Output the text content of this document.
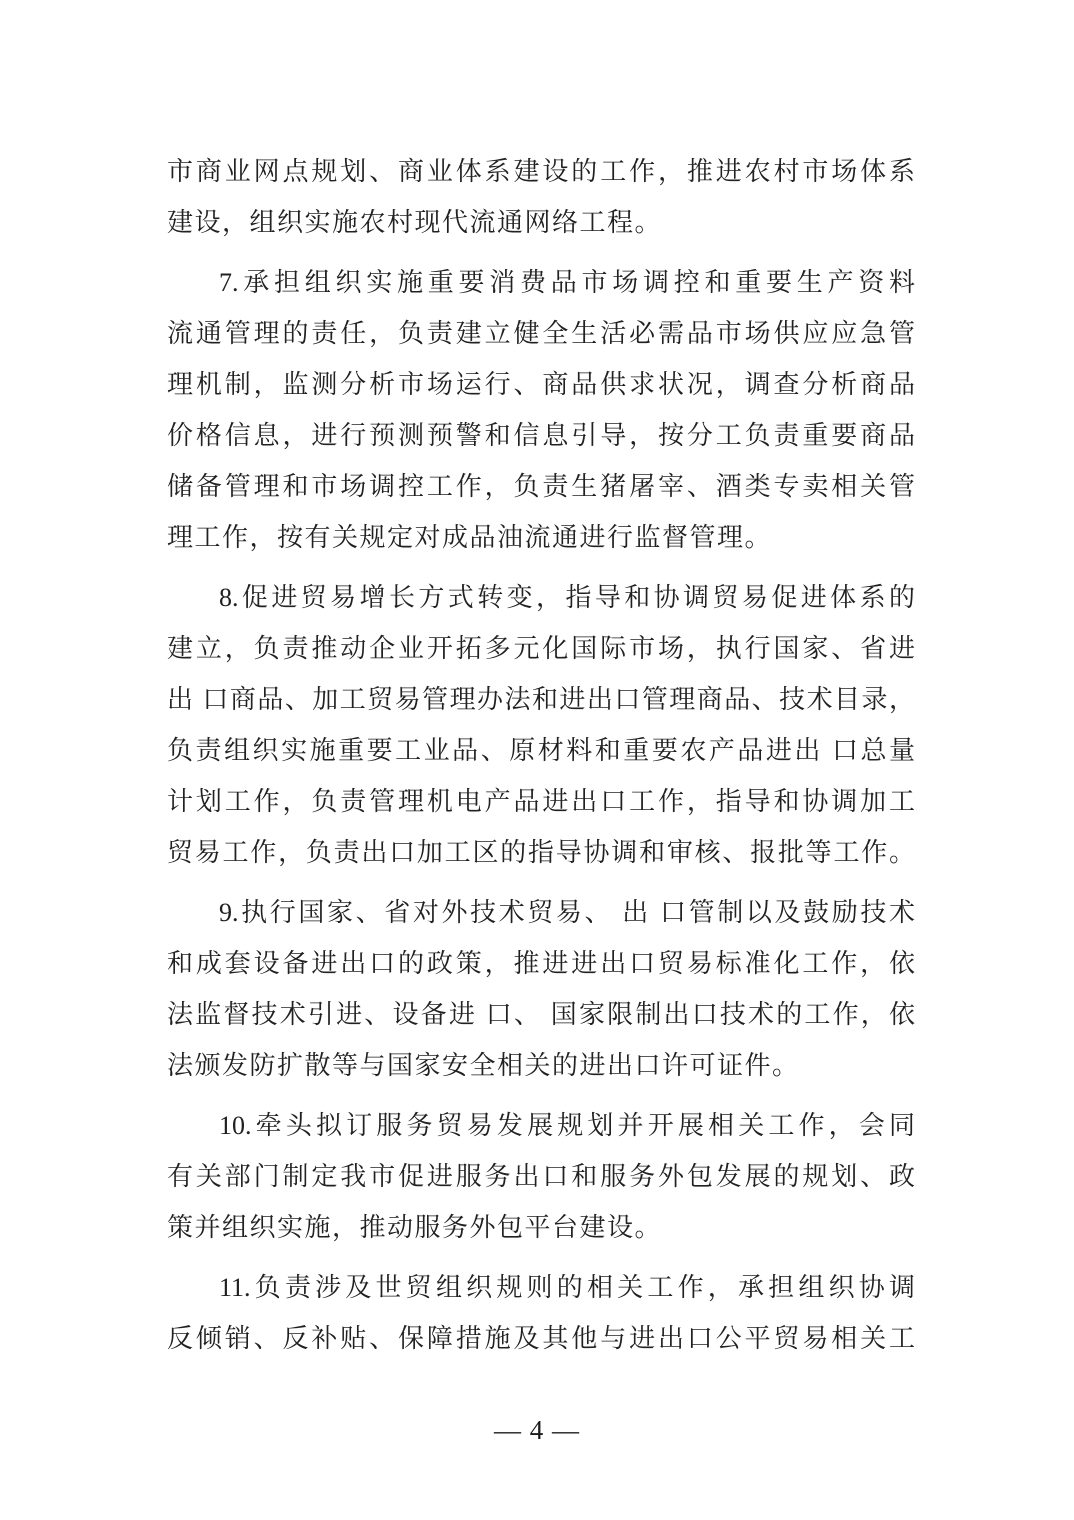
市商业网点规划、商业体系建设的工作，推进农村市场体系
建设，组织实施农村现代流通网络工程。
7.承担组织实施重要消费品市场调控和重要生产资料
流通管理的责任，负责建立健全生活必需品市场供应应急管
理机制，监测分析市场运行、商品供求状况，调查分析商品
价格信息，进行预测预警和信息引导，按分工负责重要商品
储备管理和市场调控工作，负责生猪屠宰、酒类专卖相关管
理工作，按有关规定对成品油流通进行监督管理。
8.促进贸易增长方式转变，指导和协调贸易促进体系的
建立，负责推动企业开拓多元化国际市场，执行国家、省进
出 口商品、加工贸易管理办法和进出口管理商品、技术目录，
负责组织实施重要工业品、原材料和重要农产品进出 口总量
计划工作，负责管理机电产品进出口工作，指导和协调加工
贸易工作，负责出口加工区的指导协调和审核、报批等工作。
9.执行国家、省对外技术贸易、 出 口管制以及鼓励技术
和成套设备进出口的政策，推进进出口贸易标准化工作，依
法监督技术引进、设备进 口、 国家限制出口技术的工作，依
法颁发防扩散等与国家安全相关的进出口许可证件。
10.牵头拟订服务贸易发展规划并开展相关工作，会同
有关部门制定我市促进服务出口和服务外包发展的规划、政
策并组织实施，推动服务外包平台建设。
11.负责涉及世贸组织规则的相关工作，承担组织协调
反倾销、反补贴、保障措施及其他与进出口公平贸易相关工
— 4 —
